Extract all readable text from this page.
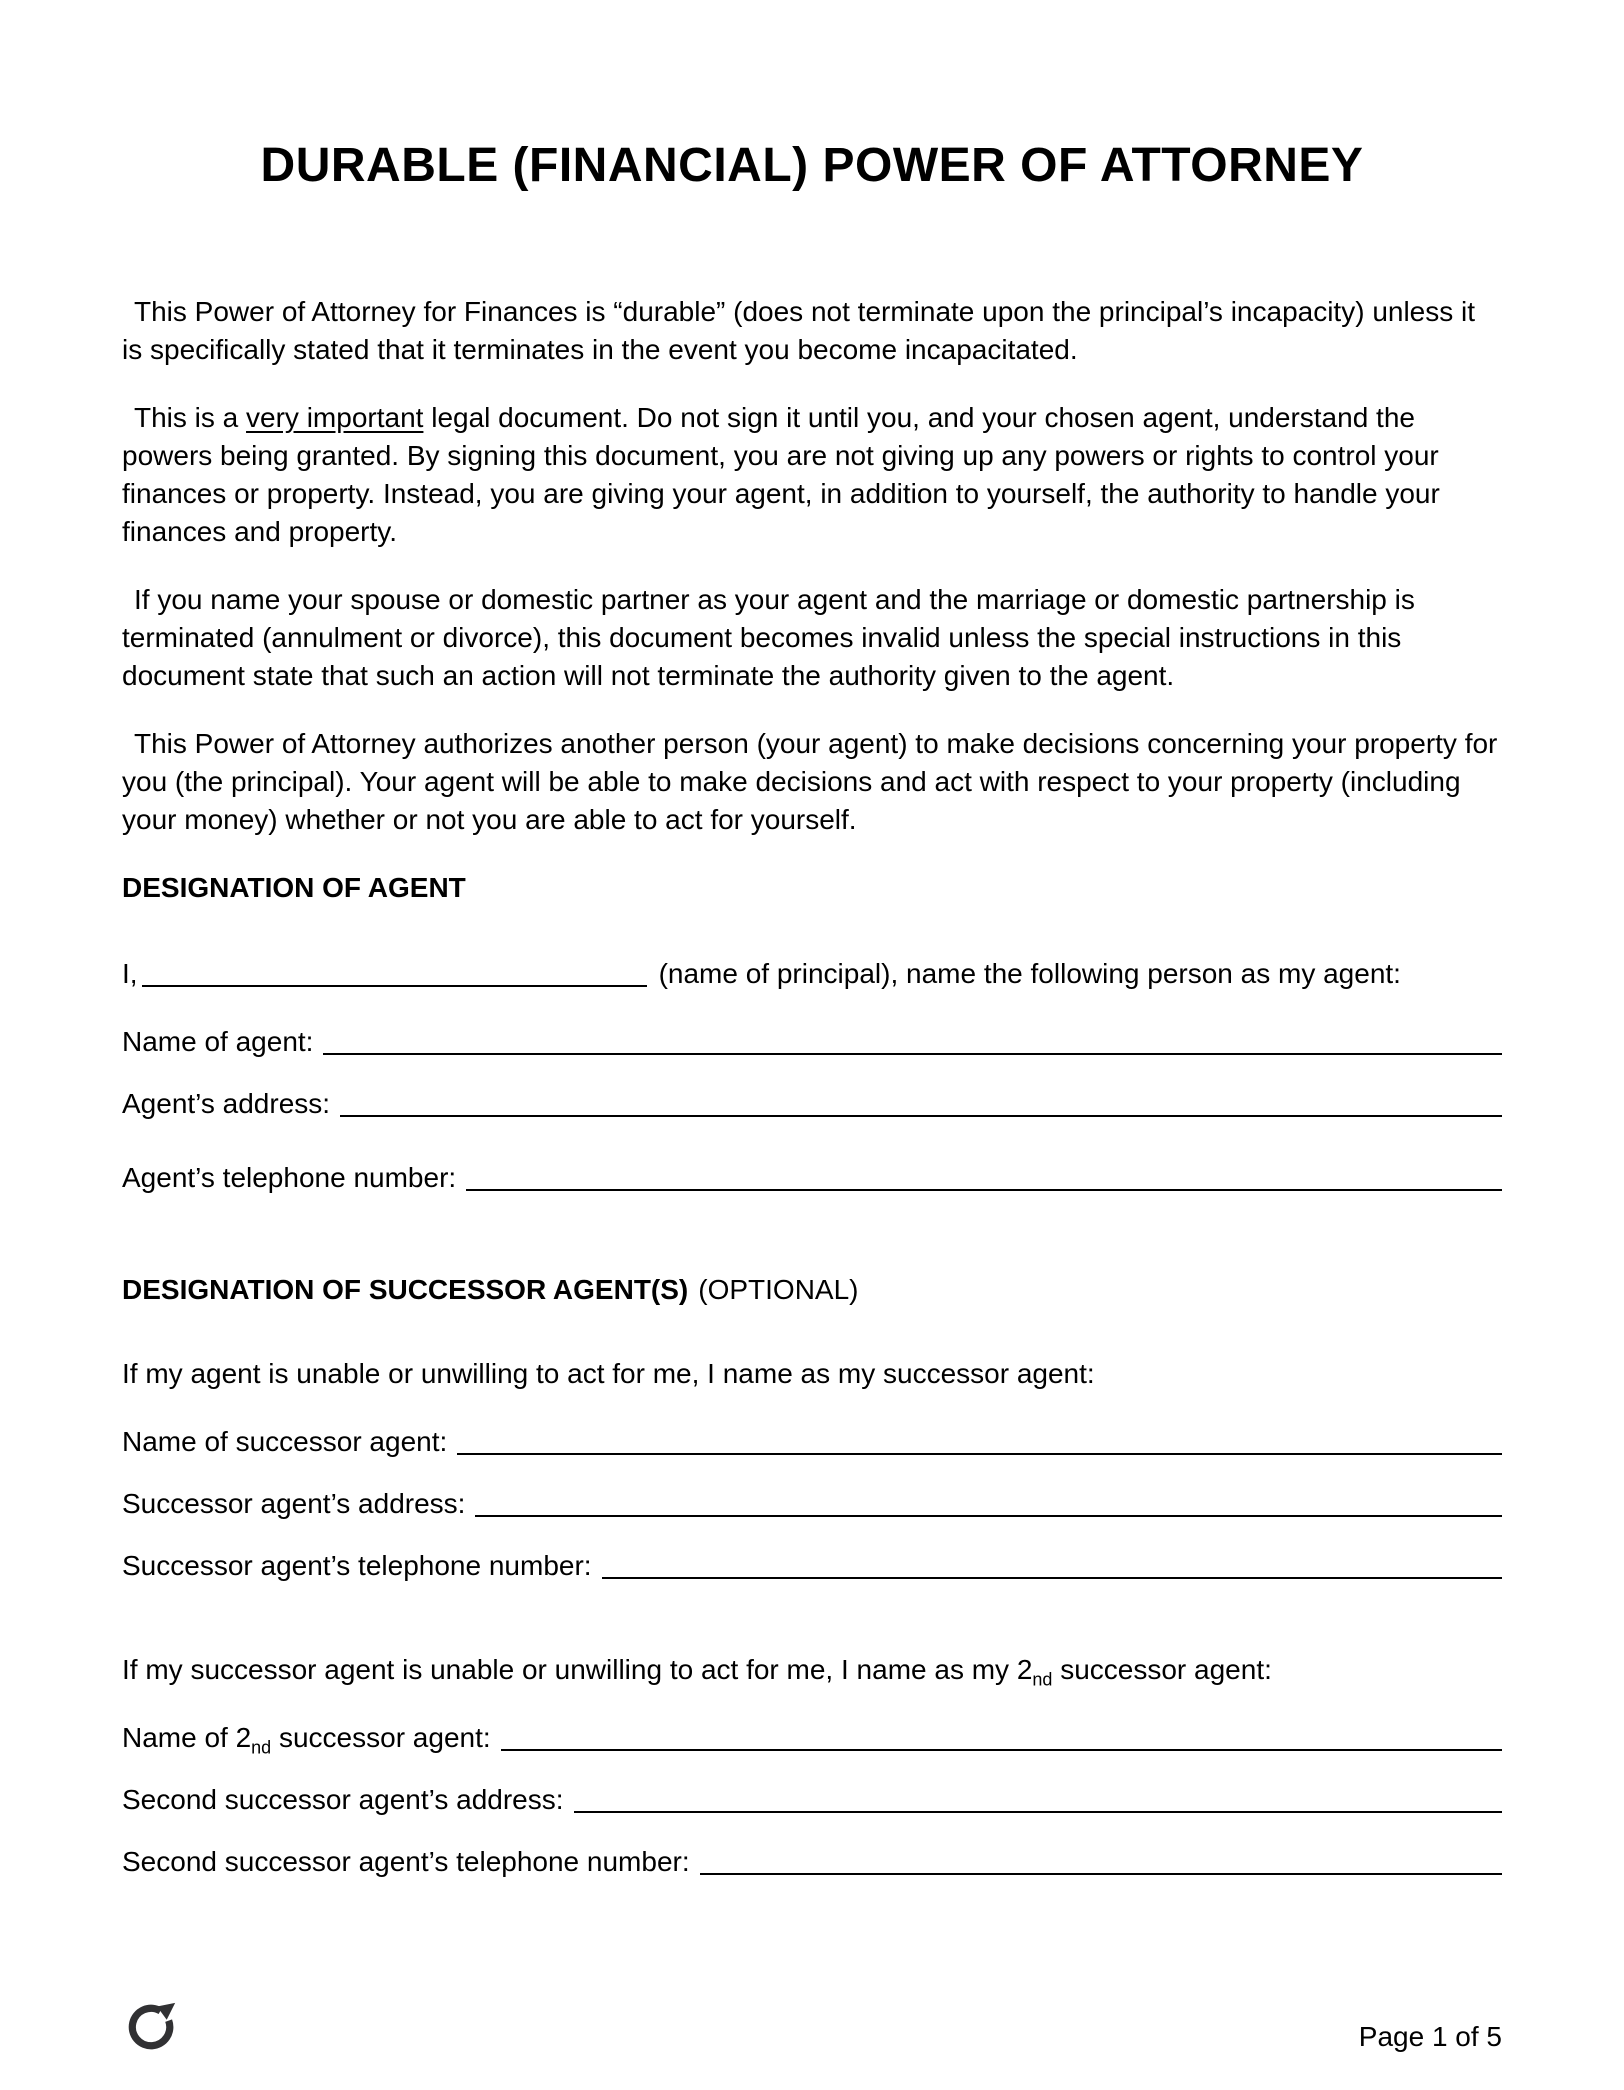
DURABLE (FINANCIAL) POWER OF ATTORNEY

This Power of Attorney for Finances is “durable” (does not terminate upon the principal’s incapacity) unless it is specifically stated that it terminates in the event you become incapacitated.

This is a very important legal document. Do not sign it until you, and your chosen agent, understand the powers being granted. By signing this document, you are not giving up any powers or rights to control your finances or property. Instead, you are giving your agent, in addition to yourself, the authority to handle your finances and property.

If you name your spouse or domestic partner as your agent and the marriage or domestic partnership is terminated (annulment or divorce), this document becomes invalid unless the special instructions in this document state that such an action will not terminate the authority given to the agent.

This Power of Attorney authorizes another person (your agent) to make decisions concerning your property for you (the principal). Your agent will be able to make decisions and act with respect to your property (including your money) whether or not you are able to act for yourself.

DESIGNATION OF AGENT
I,	(name of principal), name the following person as my agent:
Name of agent:
Agent’s address:
Agent’s telephone number:
DESIGNATION OF SUCCESSOR AGENT(S) (OPTIONAL)

If my agent is unable or unwilling to act for me, I name as my successor agent:

Name of successor agent:
Successor agent’s address:
Successor agent’s telephone number:

If my successor agent is unable or unwilling to act for me, I name as my $2_{nd}$ successor agent:

Name of $2_{nd}$ successor agent:
Second successor agent’s address:
Second successor agent’s telephone number:
Page 1 of 5
